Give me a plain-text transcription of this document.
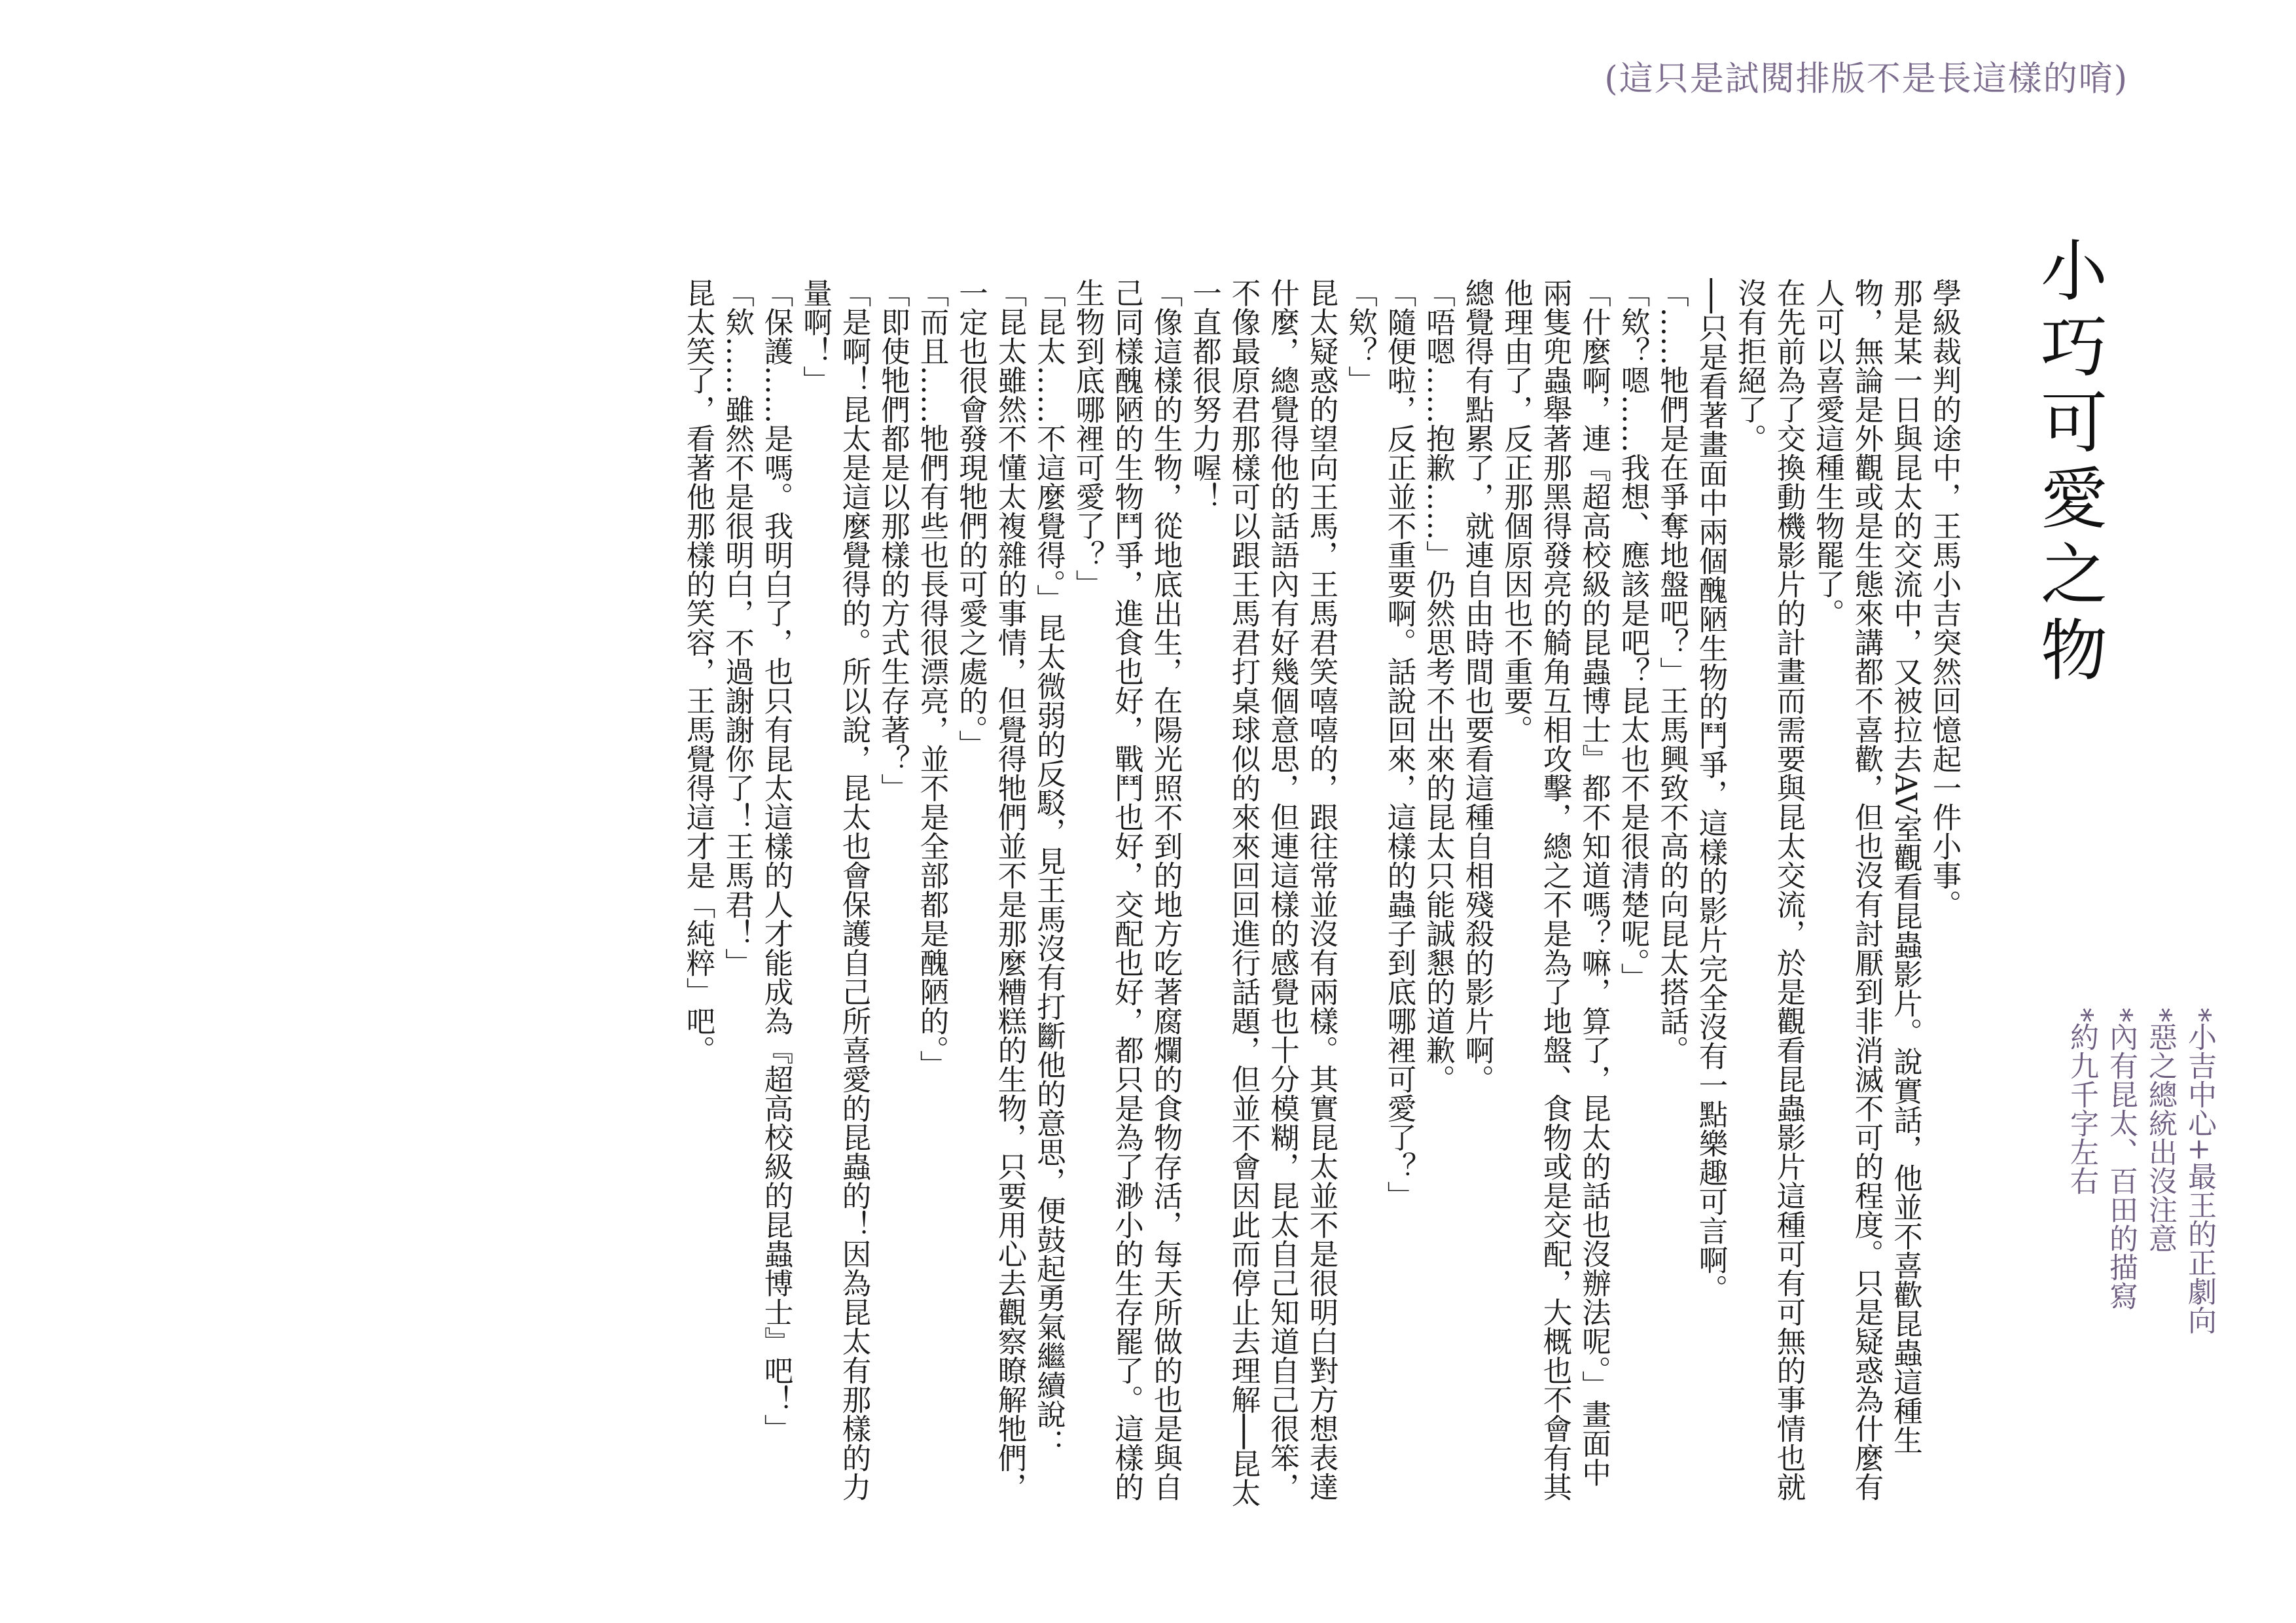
(這只是試閱排版不是長這樣的唷)
小巧可愛之物
*小吉中心+最王的正劇向
*惡之總統出沒注意
*內有昆太、百田的描寫
*約九千字左右

學級裁判的途中，王馬小吉突然回憶起一件小事。

那是某一日與昆太的交流中，又被拉去AV室觀看昆蟲影片。說實話，他並不喜歡昆蟲這種生物，無論是外觀或是生態來講都不喜歡，但也沒有討厭到非消滅不可的程度。只是疑惑為什麼有人可以喜愛這種生物罷了。

在先前為了交換動機影片的計畫而需要與昆太交流，於是觀看昆蟲影片這種可有可無的事情也就沒有拒絕了。

──只是看著畫面中兩個醜陋生物的鬥爭，這樣的影片完全沒有一點樂趣可言啊。

「……牠們是在爭奪地盤吧？」王馬興致不高的向昆太搭話。

「欸？嗯……我想、應該是吧？昆太也不是很清楚呢。」

「什麼啊，連『超高校級的昆蟲博士』都不知道嗎？嘛，算了，昆太的話也沒辦法呢。」畫面中兩隻兜蟲舉著那黑得發亮的觭角互相攻擊，總之不是為了地盤、食物或是交配，大概也不會有其他理由了，反正那個原因也不重要。

總覺得有點累了，就連自由時間也要看這種自相殘殺的影片啊。

「唔嗯……抱歉……」仍然思考不出來的昆太只能誠懇的道歉。

「隨便啦，反正並不重要啊。話說回來，這樣的蟲子到底哪裡可愛了？」

「欸？」

昆太疑惑的望向王馬，王馬君笑嘻嘻的，跟往常並沒有兩樣。其實昆太並不是很明白對方想表達什麼，總覺得他的話語內有好幾個意思，但連這樣的感覺也十分模糊，昆太自己知道自己很笨，不像最原君那樣可以跟王馬君打桌球似的來來回回進行話題，但並不會因此而停止去理解──昆太一直都很努力喔！

「像這樣的生物，從地底出生，在陽光照不到的地方吃著腐爛的食物存活，每天所做的也是與自己同樣醜陋的生物鬥爭，進食也好，戰鬥也好，交配也好，都只是為了渺小的生存罷了。這樣的生物到底哪裡可愛了？」

「昆太……不這麼覺得。」昆太微弱的反駁，見王馬沒有打斷他的意思，便鼓起勇氣繼續說：「昆太雖然不懂太複雜的事情，但覺得牠們並不是那麼糟糕的生物，只要用心去觀察瞭解牠們，一定也很會發現牠們的可愛之處的。」

「而且……牠們有些也長得很漂亮，並不是全部都是醜陋的。」

「即使牠們都是以那樣的方式生存著？」

「是啊！昆太是這麼覺得的。所以說，昆太也會保護自己所喜愛的昆蟲的！因為昆太有那樣的力量啊！」

「保護……是嗎。我明白了，也只有昆太這樣的人才能成為『超高校級的昆蟲博士』吧！」

「欸……雖然不是很明白，不過謝謝你了！王馬君！」

昆太笑了，看著他那樣的笑容，王馬覺得這才是「純粹」吧。
